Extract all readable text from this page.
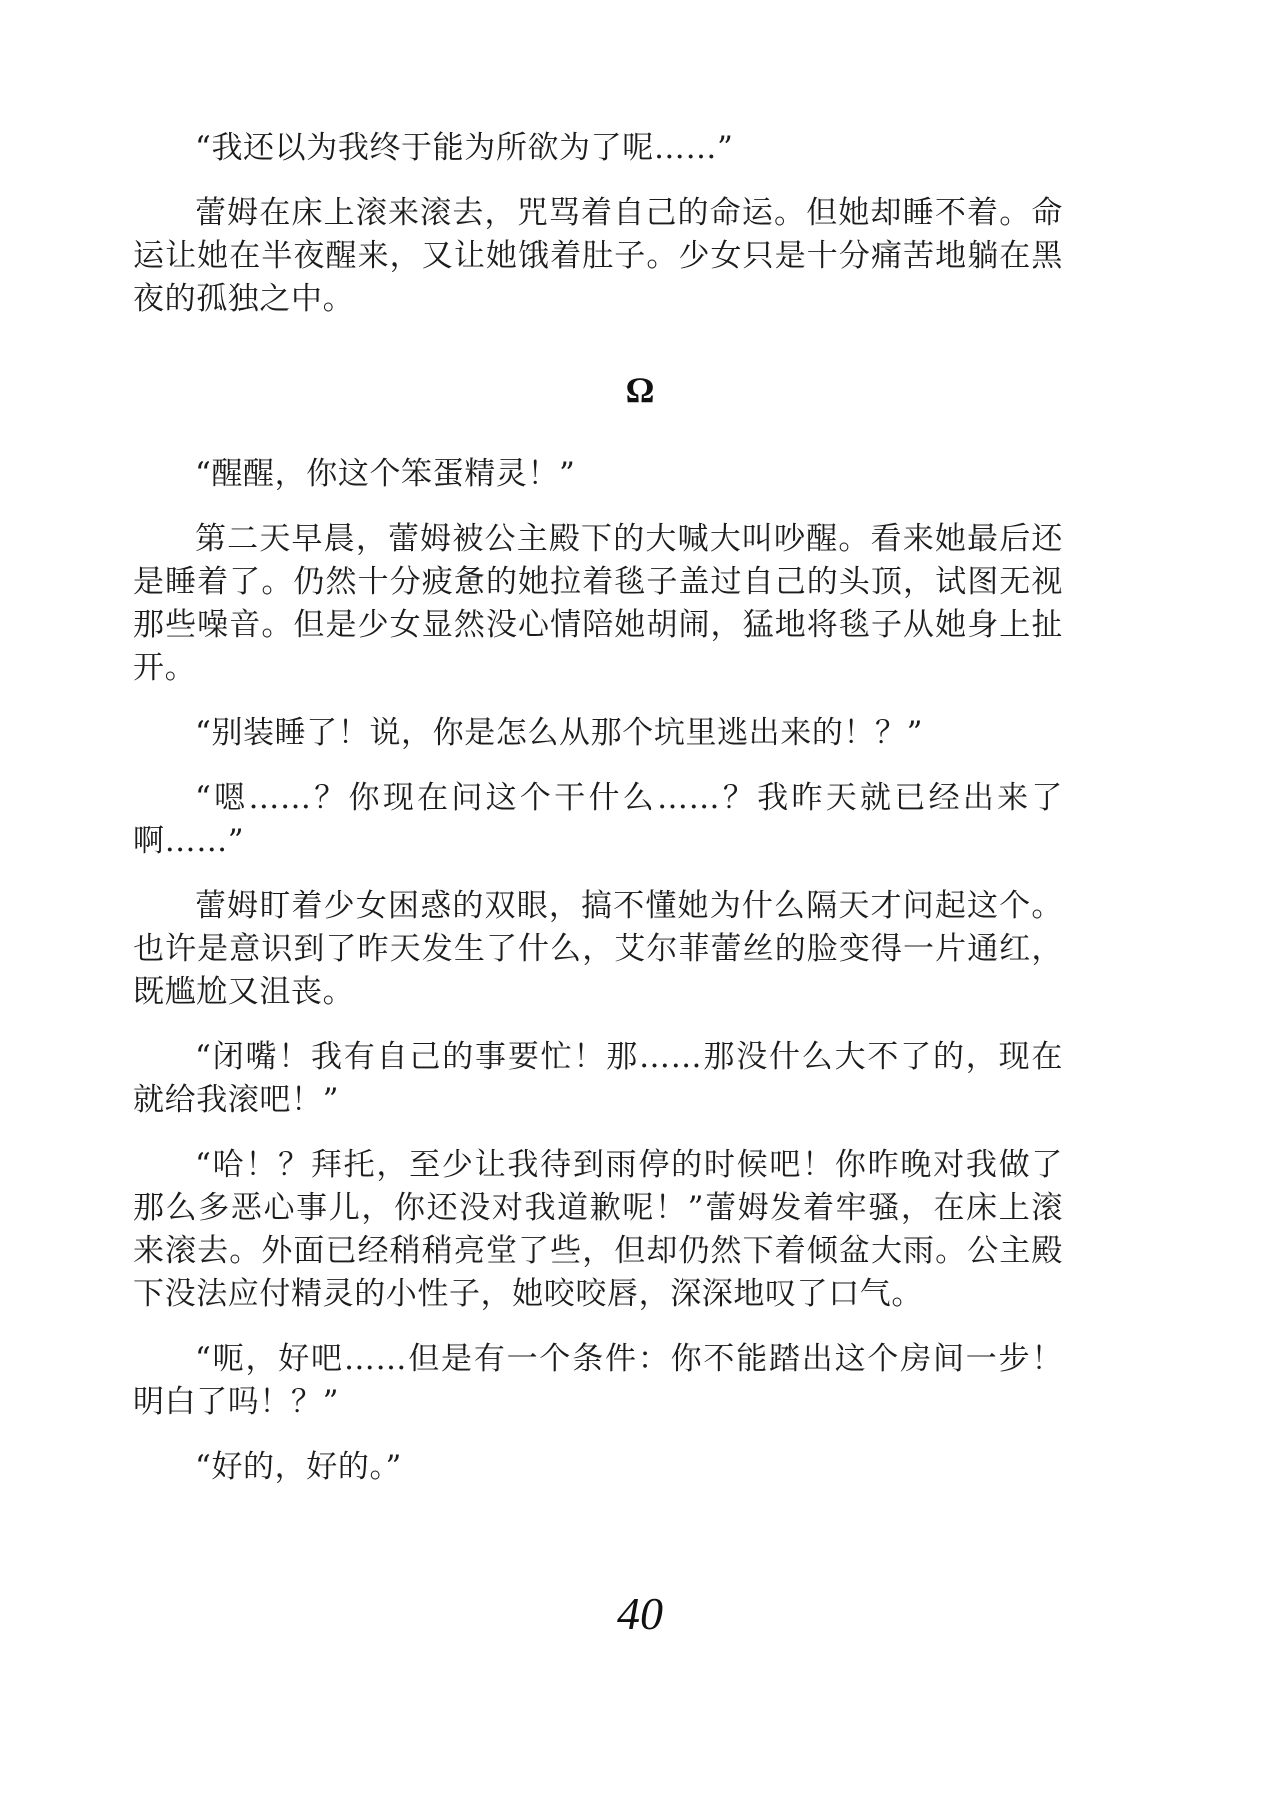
“我还以为我终于能为所欲为了呢……”

蕾姆在床上滚来滚去，咒骂着自己的命运。但她却睡不着。命运让她在半夜醒来，又让她饿着肚子。少女只是十分痛苦地躺在黑夜的孤独之中。

Ω

“醒醒，你这个笨蛋精灵！”

第二天早晨，蕾姆被公主殿下的大喊大叫吵醒。看来她最后还是睡着了。仍然十分疲惫的她拉着毯子盖过自己的头顶，试图无视那些噪音。但是少女显然没心情陪她胡闹，猛地将毯子从她身上扯开。

“别装睡了！说，你是怎么从那个坑里逃出来的！？”

“嗯……？你现在问这个干什么……？我昨天就已经出来了啊……”

蕾姆盯着少女困惑的双眼，搞不懂她为什么隔天才问起这个。也许是意识到了昨天发生了什么，艾尔菲蕾丝的脸变得一片通红，既尴尬又沮丧。

“闭嘴！我有自己的事要忙！那……那没什么大不了的，现在就给我滚吧！”

“哈！？拜托，至少让我待到雨停的时候吧！你昨晚对我做了那么多恶心事儿，你还没对我道歉呢！”蕾姆发着牢骚，在床上滚来滚去。外面已经稍稍亮堂了些，但却仍然下着倾盆大雨。公主殿下没法应付精灵的小性子，她咬咬唇，深深地叹了口气。

“呃，好吧……但是有一个条件：你不能踏出这个房间一步！明白了吗！？”

“好的，好的。”

40
